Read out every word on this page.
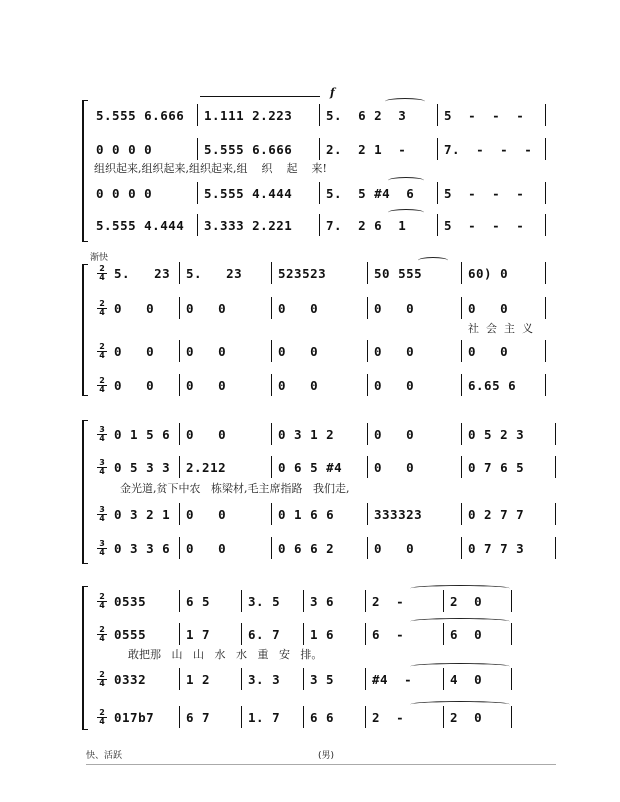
f
5.555 6.666	1.111 2.223	5.  6 2  3	5  -  -  -
0 0 0 0	5.555 6.666	2.  2 1  -	7.  -  -  -
组织起来,组织起来,组织起来,组    织    起    来!
0 0 0 0	5.555 4.444	5.  5 #4  6	5  -  -  -
5.555 4.444	3.333 2.221	7.  2 6  1	5  -  -  -
渐快
2
4 5.   23	5.   23	523523	50 555	60) 0
2
4 0   0	0   0	0   0	0   0	0   0
社  会  主  义
2
4 0   0	0   0	0   0	0   0	0   0
2
4 0   0	0   0	0   0	0   0	6.65 6
3
4 0 1 5 6	0   0	0 3 1 2	0   0	0 5 2 3
3
4 0 5 3 3	2.212	0 6 5 #4	0   0	0 7 6 5
金光道,贫下中农   栋梁材,毛主席指路   我们走,
3
4 0 3 2 1	0   0	0 1 6 6	333323	0 2 7 7
3
4 0 3 3 6	0   0	0 6 6 2	0   0	0 7 7 3
2
4 0535	6 5	3. 5	3 6	2  -	2  0
2
4 0555	1 7	6. 7	1 6	6  -	6  0
敢把那   山   山   水   水   重   安   排。
2
4 0332	1 2	3. 3	3 5	#4  -	4  0
2
4 017b7	6 7	1. 7	6 6	2  -	2  0
快、活跃	(男)
